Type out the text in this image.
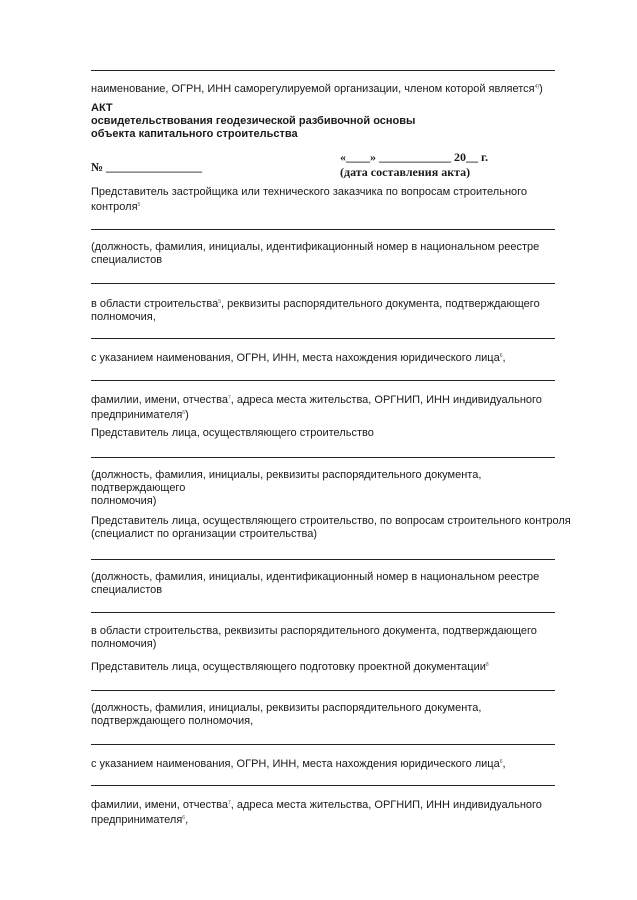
наименование, ОГРН, ИНН саморегулируемой организации, членом которой является$^{4)}$)
АКТ
освидетельствования геодезической разбивочной основы
объекта капитального строительства
№ ________________
«____» ____________ 20__ г.
(дата составления акта)
Представитель застройщика или технического заказчика по вопросам строительного
контроля$^5$
(должность, фамилия, инициалы, идентификационный номер в национальном реестре
специалистов
в области строительства$^5$, реквизиты распорядительного документа, подтверждающего
полномочия,
с указанием наименования, ОГРН, ИНН, места нахождения юридического лица$^6$,
фамилии, имени, отчества$^7$, адреса места жительства, ОРГНИП, ИНН индивидуального
предпринимателя$^6$)
Представитель лица, осуществляющего строительство
(должность, фамилия, инициалы, реквизиты распорядительного документа,
подтверждающего
полномочия)
Представитель лица, осуществляющего строительство, по вопросам строительного контроля
(специалист по организации строительства)
(должность, фамилия, инициалы, идентификационный номер в национальном реестре
специалистов
в области строительства, реквизиты распорядительного документа, подтверждающего
полномочия)
Представитель лица, осуществляющего подготовку проектной документации$^8$
(должность, фамилия, инициалы, реквизиты распорядительного документа,
подтверждающего полномочия,
с указанием наименования, ОГРН, ИНН, места нахождения юридического лица$^6$,
фамилии, имени, отчества$^7$, адреса места жительства, ОРГНИП, ИНН индивидуального
предпринимателя$^6$,
